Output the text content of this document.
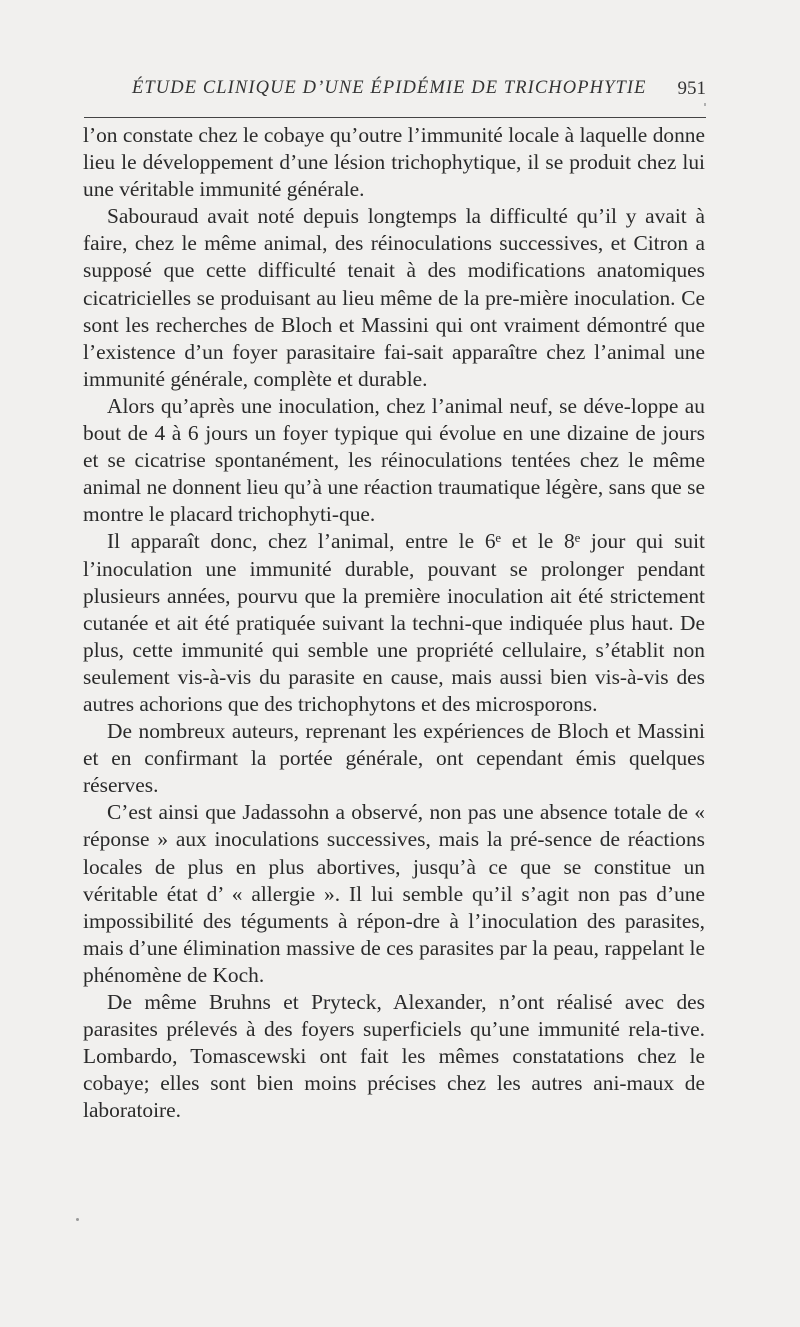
ÉTUDE CLINIQUE D’UNE ÉPIDÉMIE DE TRICHOPHYTIE 951

l’on constate chez le cobaye qu’outre l’immunité locale à laquelle donne lieu le développement d’une lésion trichophytique, il se produit chez lui une véritable immunité générale.

Sabouraud avait noté depuis longtemps la difficulté qu’il y avait à faire, chez le même animal, des réinoculations successives, et Citron a supposé que cette difficulté tenait à des modifications anatomiques cicatricielles se produisant au lieu même de la pre-mière inoculation. Ce sont les recherches de Bloch et Massini qui ont vraiment démontré que l’existence d’un foyer parasitaire fai-sait apparaître chez l’animal une immunité générale, complète et durable.

Alors qu’après une inoculation, chez l’animal neuf, se déve-loppe au bout de 4 à 6 jours un foyer typique qui évolue en une dizaine de jours et se cicatrise spontanément, les réinoculations tentées chez le même animal ne donnent lieu qu’à une réaction traumatique légère, sans que se montre le placard trichophyti-que.

Il apparaît donc, chez l’animal, entre le 6ᵉ et le 8ᵉ jour qui suit l’inoculation une immunité durable, pouvant se prolonger pendant plusieurs années, pourvu que la première inoculation ait été strictement cutanée et ait été pratiquée suivant la techni-que indiquée plus haut. De plus, cette immunité qui semble une propriété cellulaire, s’établit non seulement vis-à-vis du parasite en cause, mais aussi bien vis-à-vis des autres achorions que des trichophytons et des microsporons.

De nombreux auteurs, reprenant les expériences de Bloch et Massini et en confirmant la portée générale, ont cependant émis quelques réserves.

C’est ainsi que Jadassohn a observé, non pas une absence totale de « réponse » aux inoculations successives, mais la pré-sence de réactions locales de plus en plus abortives, jusqu’à ce que se constitue un véritable état d’ « allergie ». Il lui semble qu’il s’agit non pas d’une impossibilité des téguments à répon-dre à l’inoculation des parasites, mais d’une élimination massive de ces parasites par la peau, rappelant le phénomène de Koch.

De même Bruhns et Pryteck, Alexander, n’ont réalisé avec des parasites prélevés à des foyers superficiels qu’une immunité rela-tive. Lombardo, Tomascewski ont fait les mêmes constatations chez le cobaye; elles sont bien moins précises chez les autres ani-maux de laboratoire.
